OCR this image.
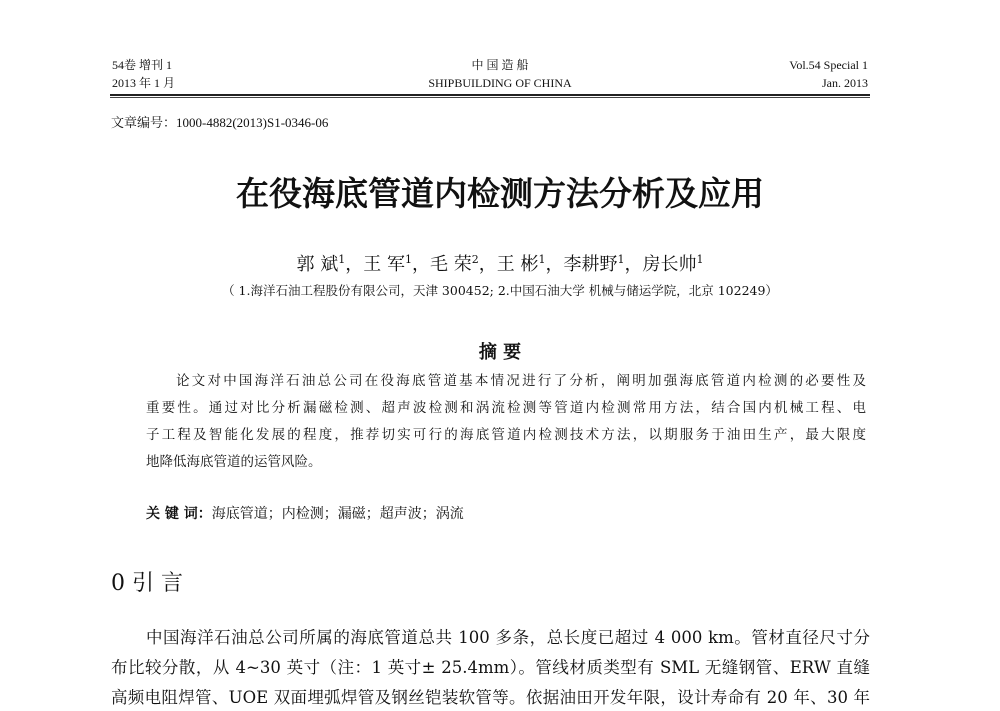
54卷 增刊 1
2013 年 1 月
中 国 造 船
SHIPBUILDING OF CHINA
Vol.54 Special 1
Jan. 2013
文章编号：1000-4882(2013)S1-0346-06
在役海底管道内检测方法分析及应用
郭 斌$^1$，王 军$^1$，毛 荣$^2$，王 彬$^1$，李耕野$^1$，房长帅$^1$
（ 1.海洋石油工程股份有限公司，天津 300452; 2.中国石油大学 机械与储运学院，北京 102249）
摘 要
论文对中国海洋石油总公司在役海底管道基本情况进行了分析，阐明加强海底管道内检测的必要性及
重要性。通过对比分析漏磁检测、超声波检测和涡流检测等管道内检测常用方法，结合国内机械工程、电
子工程及智能化发展的程度，推荐切实可行的海底管道内检测技术方法，以期服务于油田生产，最大限度
地降低海底管道的运管风险。
关 键 词：海底管道；内检测；漏磁；超声波；涡流
0 引 言
中国海洋石油总公司所属的海底管道总共 100 多条，总长度已超过 4 000 km。管材直径尺寸分
布比较分散，从 4~30 英寸（注：1 英寸± 25.4mm）。管线材质类型有 SML 无缝钢管、ERW 直缝
高频电阻焊管、UOE 双面埋弧焊管及钢丝铠装软管等。依据油田开发年限，设计寿命有 20 年、30 年
